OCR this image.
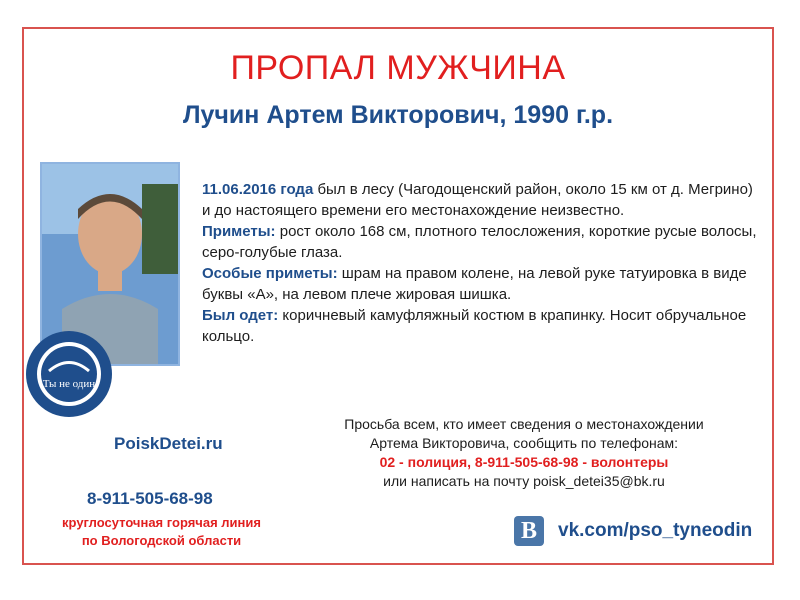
ПРОПАЛ МУЖЧИНА
Лучин Артем Викторович, 1990 г.р.
Ты не один
11.06.2016 года был в лесу (Чагодощенский район, около 15 км от д. Мегрино) и до настоящего времени его местонахождение неизвестно.
Приметы: рост около 168 см, плотного телосложения, короткие русые волосы, серо-голубые глаза.
Особые приметы: шрам на правом колене, на левой руке татуировка в виде буквы «А», на левом плече жировая шишка.
Был одет: коричневый камуфляжный костюм в крапинку. Носит обручальное кольцо.
PoiskDetei.ru
8-911-505-68-98
круглосуточная горячая линия
по Вологодской области
Просьба всем, кто имеет сведения о местонахождении
Артема Викторовича, сообщить по телефонам:
02 - полиция, 8-911-505-68-98 - волонтеры
или написать на почту poisk_detei35@bk.ru
В	vk.com/pso_tyneodin
